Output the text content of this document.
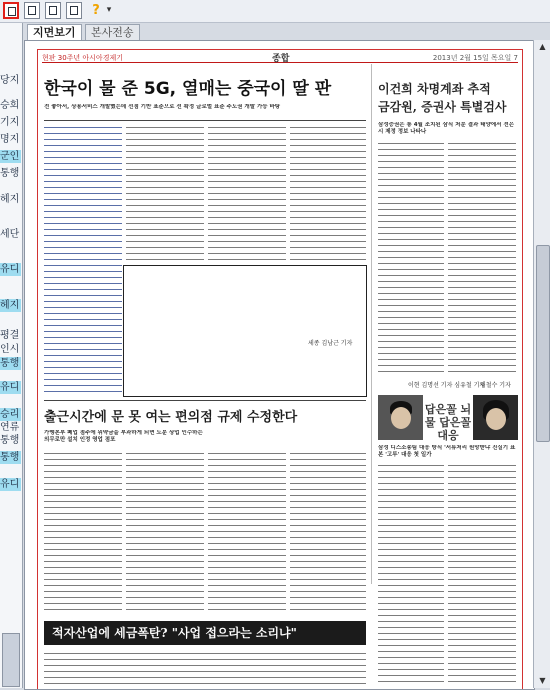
? ▾
당지
승희
기지
명지
군인
통행
헤지
세단
유디
헤지
평결
인시
통행
유디
승리
연류
통행
통행
유디
지면보기	본사전송
현판 30주년 아시아경제기	종합	2013년 2월 15일 목요일 7
한국이 물 준 5G, 열매는 중국이 딸 판
전 좋아서, 상용서비스 개발했는데 선점 기반 표준으로 선 확정 글로벌 표준 주도권 개발 가능 바탕
세종 김남근 기자
이건희 차명계좌 추적
금감원, 증권사 특별검사
삼성증권은 통 4월 조치된 삼식 처분 결과 태양에서 전은 시 제정 정보 나타나
이현 김명선 기자 심유철 기자
임철수 기자
답은꼴 뇌물 답은꼴 대응
삼성 디스소송팀 대응 방식 '서류처리 원망받냐 진실기 표본 '고루' 대응 첫 일가
출근시간에 문 못 여는 편의점 규제 수정한다
가맹본부 폐업 점주에 위약금을 부과하게 되면 도분 상업 인수하는 의무로만 설치 인정 영업 점포
적자산업에 세금폭탄? "사업 접으라는 소리냐"
▲
▼
